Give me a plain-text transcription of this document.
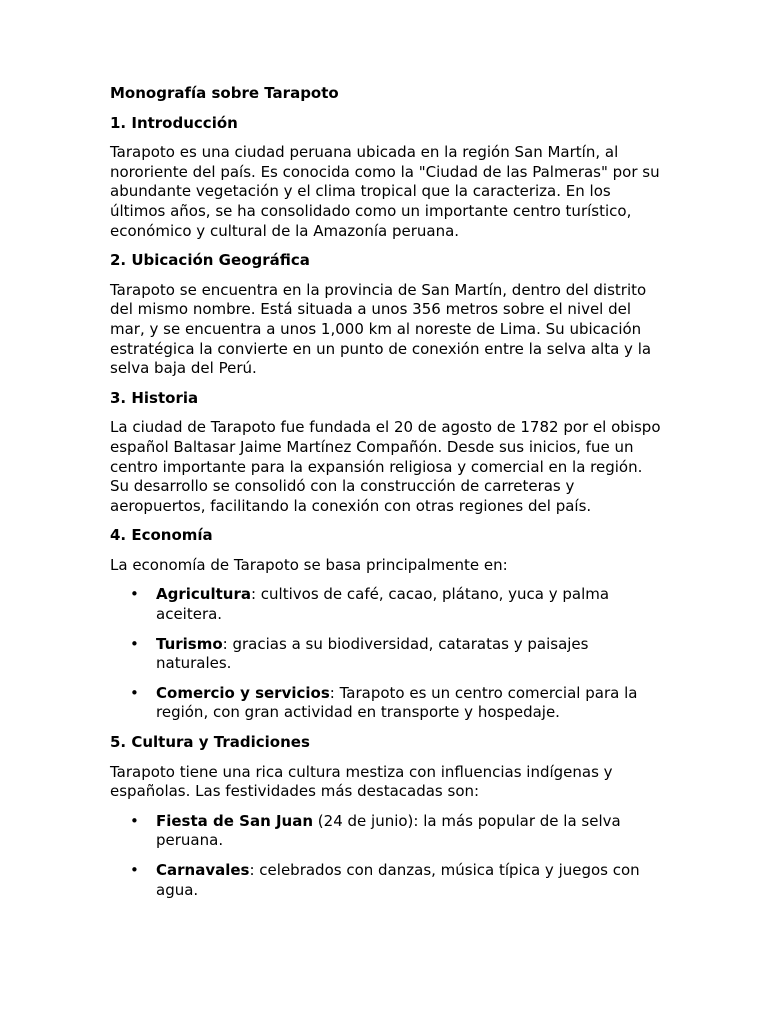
Monografía sobre Tarapoto

1. Introducción

Tarapoto es una ciudad peruana ubicada en la región San Martín, al nororiente del país. Es conocida como la "Ciudad de las Palmeras" por su abundante vegetación y el clima tropical que la caracteriza. En los últimos años, se ha consolidado como un importante centro turístico, económico y cultural de la Amazonía peruana.

2. Ubicación Geográfica

Tarapoto se encuentra en la provincia de San Martín, dentro del distrito del mismo nombre. Está situada a unos 356 metros sobre el nivel del mar, y se encuentra a unos 1,000 km al noreste de Lima. Su ubicación estratégica la convierte en un punto de conexión entre la selva alta y la selva baja del Perú.

3. Historia

La ciudad de Tarapoto fue fundada el 20 de agosto de 1782 por el obispo español Baltasar Jaime Martínez Compañón. Desde sus inicios, fue un centro importante para la expansión religiosa y comercial en la región. Su desarrollo se consolidó con la construcción de carreteras y aeropuertos, facilitando la conexión con otras regiones del país.

4. Economía

La economía de Tarapoto se basa principalmente en:

• Agricultura: cultivos de café, cacao, plátano, yuca y palma aceitera.
• Turismo: gracias a su biodiversidad, cataratas y paisajes naturales.
• Comercio y servicios: Tarapoto es un centro comercial para la región, con gran actividad en transporte y hospedaje.

5. Cultura y Tradiciones

Tarapoto tiene una rica cultura mestiza con influencias indígenas y españolas. Las festividades más destacadas son:

• Fiesta de San Juan (24 de junio): la más popular de la selva peruana.
• Carnavales: celebrados con danzas, música típica y juegos con agua.
